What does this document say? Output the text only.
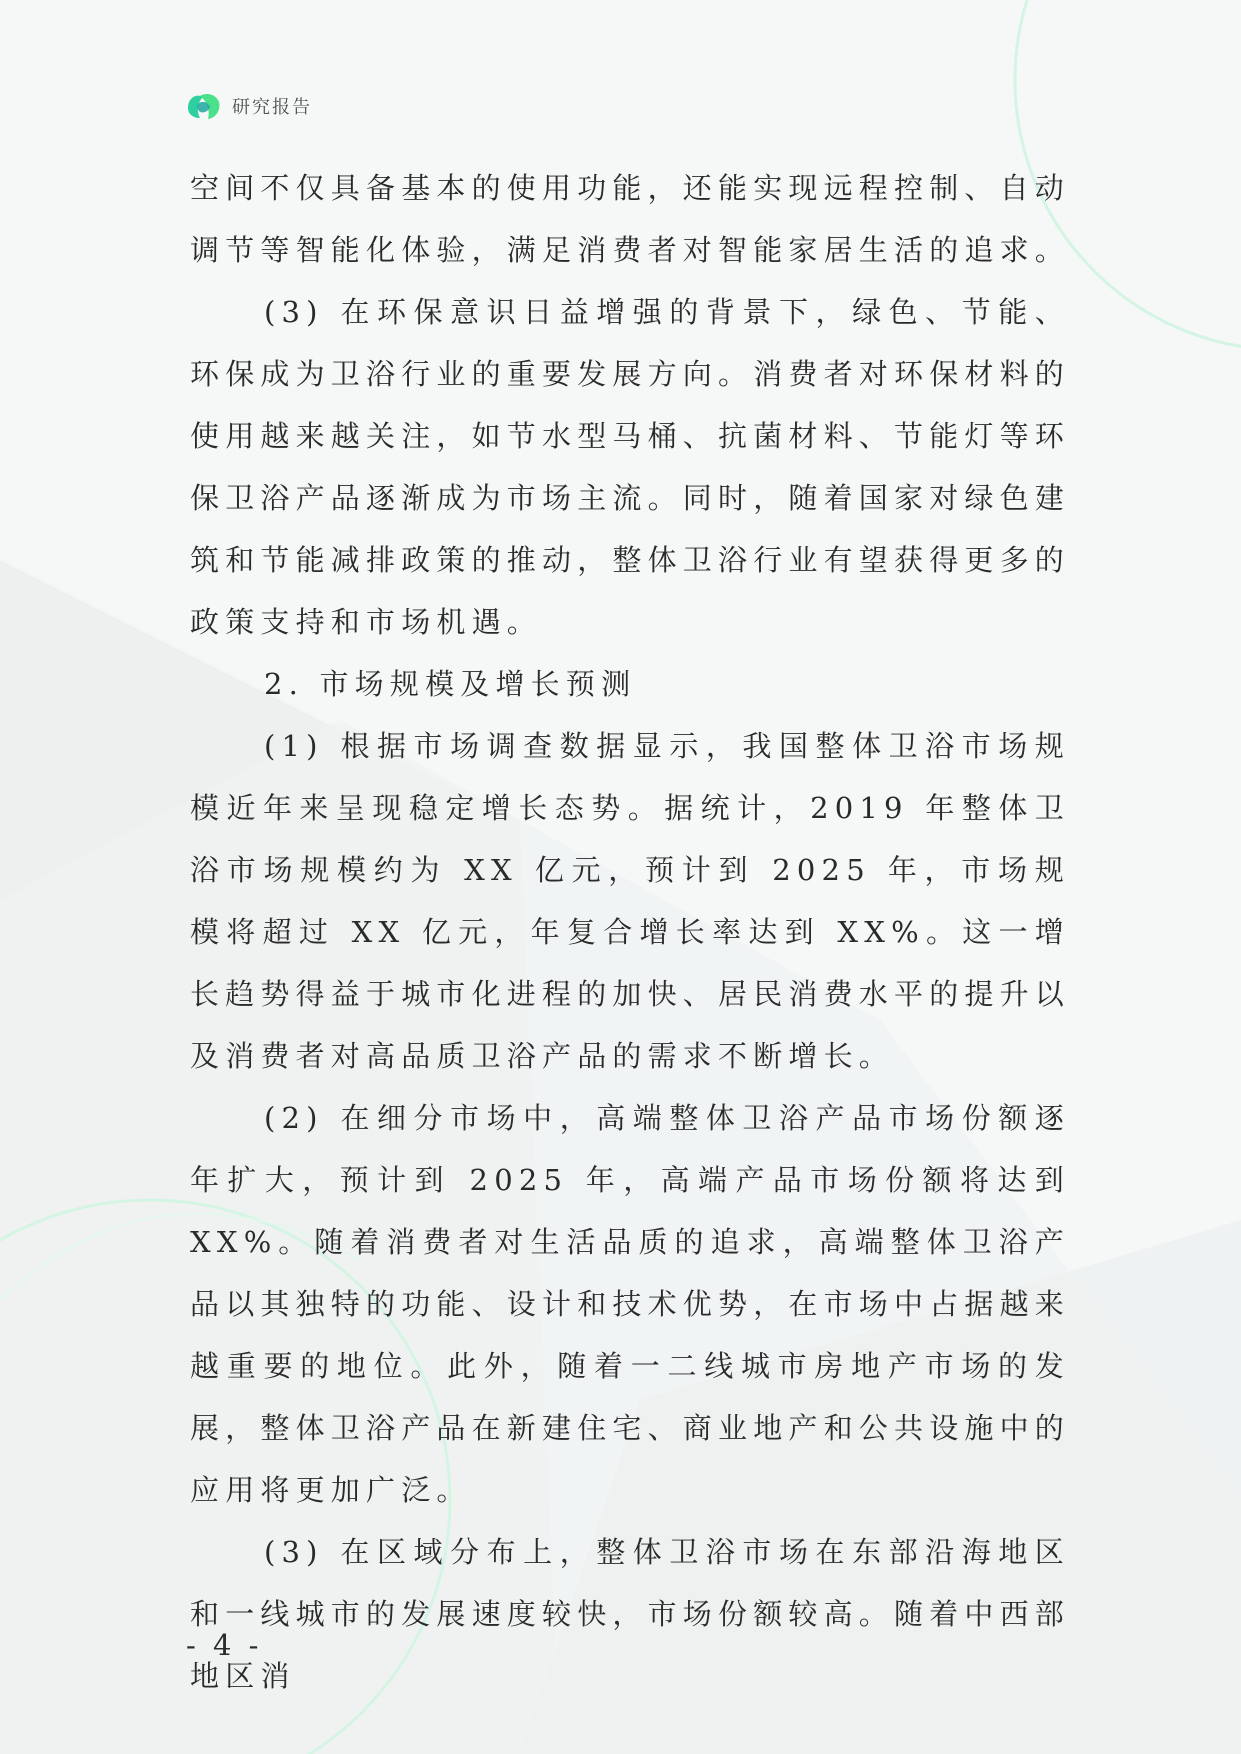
研究报告

空间不仅具备基本的使用功能，还能实现远程控制、自动调节等智能化体验，满足消费者对智能家居生活的追求。

(3) 在环保意识日益增强的背景下，绿色、节能、环保成为卫浴行业的重要发展方向。消费者对环保材料的使用越来越关注，如节水型马桶、抗菌材料、节能灯等环保卫浴产品逐渐成为市场主流。同时，随着国家对绿色建筑和节能减排政策的推动，整体卫浴行业有望获得更多的政策支持和市场机遇。

2. 市场规模及增长预测

(1) 根据市场调查数据显示，我国整体卫浴市场规模近年来呈现稳定增长态势。据统计，2019 年整体卫浴市场规模约为 XX 亿元，预计到 2025 年，市场规模将超过 XX 亿元，年复合增长率达到 XX%。这一增长趋势得益于城市化进程的加快、居民消费水平的提升以及消费者对高品质卫浴产品的需求不断增长。

(2) 在细分市场中，高端整体卫浴产品市场份额逐年扩大，预计到 2025 年，高端产品市场份额将达到 XX%。随着消费者对生活品质的追求，高端整体卫浴产品以其独特的功能、设计和技术优势，在市场中占据越来越重要的地位。此外，随着一二线城市房地产市场的发展，整体卫浴产品在新建住宅、商业地产和公共设施中的应用将更加广泛。

(3) 在区域分布上，整体卫浴市场在东部沿海地区和一线城市的发展速度较快，市场份额较高。随着中西部地区消

- 4 -
